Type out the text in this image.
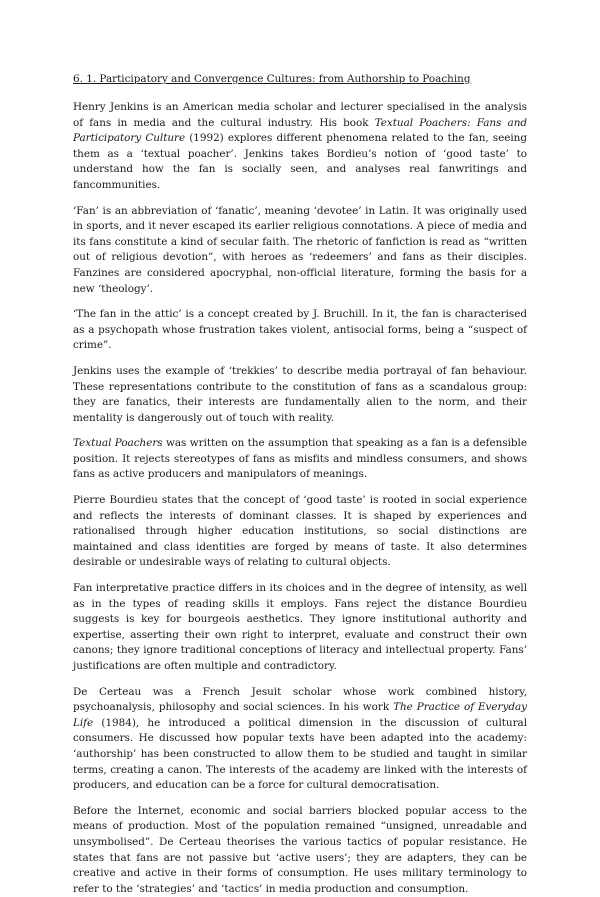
6. 1. Participatory and Convergence Cultures: from Authorship to Poaching

Henry Jenkins is an American media scholar and lecturer specialised in the analysis of fans in media and the cultural industry. His book Textual Poachers: Fans and Participatory Culture (1992) explores different phenomena related to the fan, seeing them as a ‘textual poacher’. Jenkins takes Bordieu’s notion of ‘good taste’ to understand how the fan is socially seen, and analyses real fanwritings and fancommunities.

‘Fan’ is an abbreviation of ‘fanatic’, meaning ‘devotee’ in Latin. It was originally used in sports, and it never escaped its earlier religious connotations. A piece of media and its fans constitute a kind of secular faith. The rhetoric of fanfiction is read as “written out of religious devotion”, with heroes as ‘redeemers’ and fans as their disciples. Fanzines are considered apocryphal, non-official literature, forming the basis for a new ‘theology’.

‘The fan in the attic’ is a concept created by J. Bruchill. In it, the fan is characterised as a psychopath whose frustration takes violent, antisocial forms, being a “suspect of crime”.

Jenkins uses the example of ‘trekkies’ to describe media portrayal of fan behaviour. These representations contribute to the constitution of fans as a scandalous group: they are fanatics, their interests are fundamentally alien to the norm, and their mentality is dangerously out of touch with reality.

Textual Poachers was written on the assumption that speaking as a fan is a defensible position. It rejects stereotypes of fans as misfits and mindless consumers, and shows fans as active producers and manipulators of meanings.

Pierre Bourdieu states that the concept of ‘good taste’ is rooted in social experience and reflects the interests of dominant classes. It is shaped by experiences and rationalised through higher education institutions, so social distinctions are maintained and class identities are forged by means of taste. It also determines desirable or undesirable ways of relating to cultural objects.

Fan interpretative practice differs in its choices and in the degree of intensity, as well as in the types of reading skills it employs. Fans reject the distance Bourdieu suggests is key for bourgeois aesthetics. They ignore institutional authority and expertise, asserting their own right to interpret, evaluate and construct their own canons; they ignore traditional conceptions of literacy and intellectual property. Fans’ justifications are often multiple and contradictory.

De Certeau was a French Jesuit scholar whose work combined history, psychoanalysis, philosophy and social sciences. In his work The Practice of Everyday Life (1984), he introduced a political dimension in the discussion of cultural consumers. He discussed how popular texts have been adapted into the academy: ‘authorship’ has been constructed to allow them to be studied and taught in similar terms, creating a canon. The interests of the academy are linked with the interests of producers, and education can be a force for cultural democratisation.

Before the Internet, economic and social barriers blocked popular access to the means of production. Most of the population remained “unsigned, unreadable and unsymbolised”. De Certeau theorises the various tactics of popular resistance. He states that fans are not passive but ‘active users’; they are adapters, they can be creative and active in their forms of consumption. He uses military terminology to refer to the ‘strategies’ and ‘tactics’ in media production and consumption.
